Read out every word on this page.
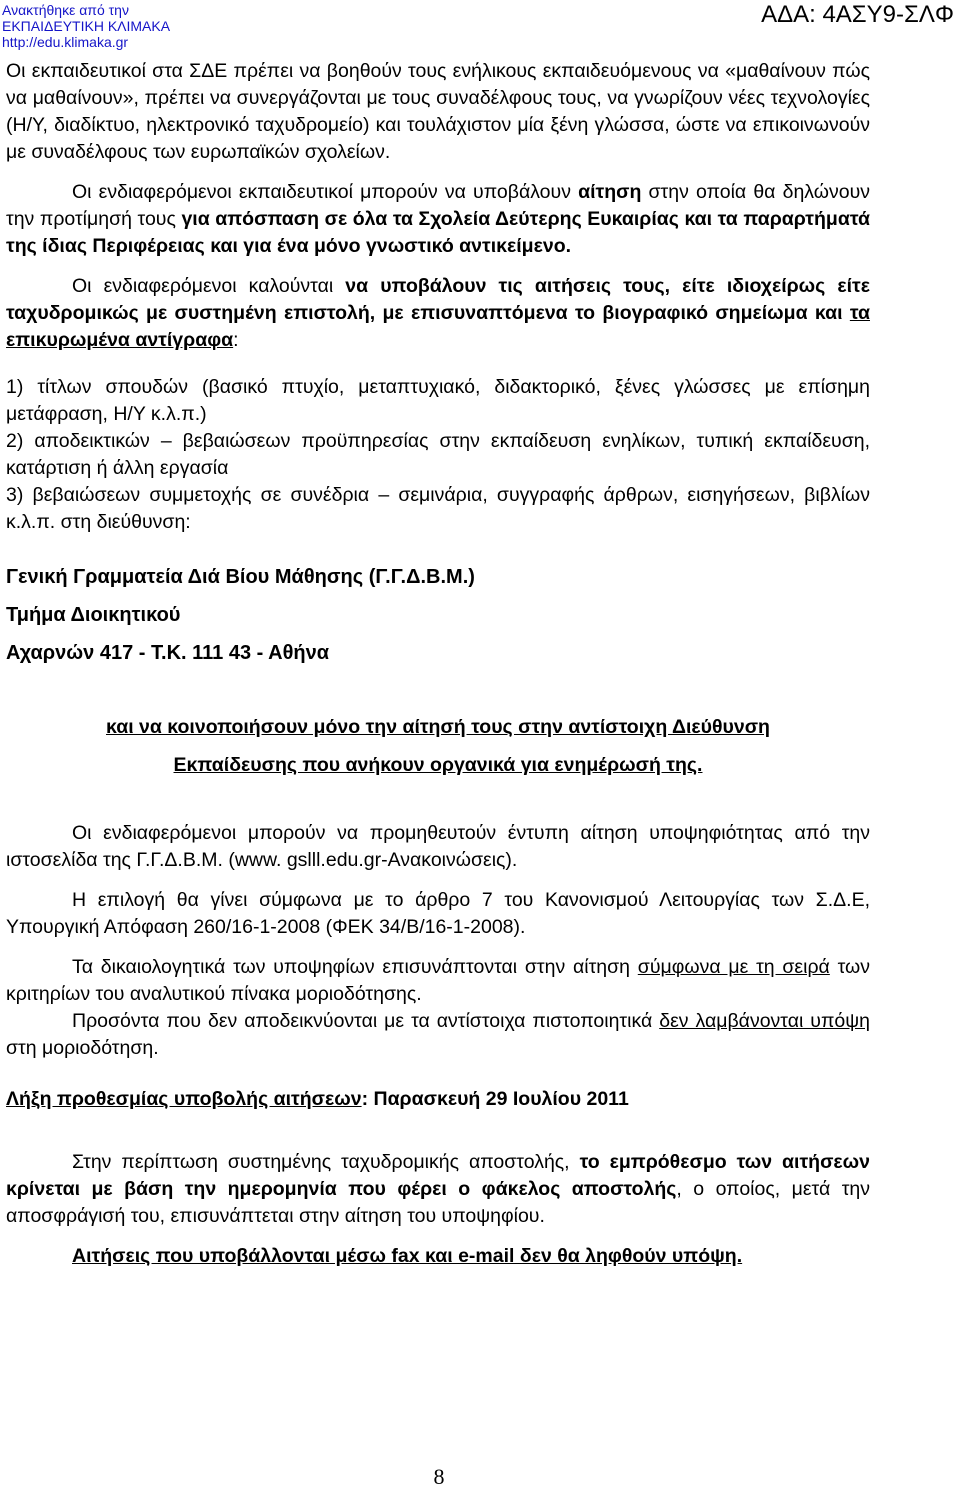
Ανακτήθηκε από την
ΕΚΠΑΙΔΕΥΤΙΚΗ ΚΛΙΜΑΚΑ
http://edu.klimaka.gr
ΑΔΑ: 4ΑΣΥ9-ΣΛΦ

Οι εκπαιδευτικοί στα ΣΔΕ πρέπει να βοηθούν τους ενήλικους εκπαιδευόμενους να «μαθαίνουν πώς να μαθαίνουν», πρέπει να συνεργάζονται με τους συναδέλφους τους, να γνωρίζουν νέες τεχνολογίες (Η/Υ, διαδίκτυο, ηλεκτρονικό ταχυδρομείο) και τουλάχιστον μία ξένη γλώσσα, ώστε να επικοινωνούν με συναδέλφους των ευρωπαϊκών σχολείων.

Οι ενδιαφερόμενοι εκπαιδευτικοί μπορούν να υποβάλουν αίτηση στην οποία θα δηλώνουν την προτίμησή τους για απόσπαση σε όλα τα Σχολεία Δεύτερης Ευκαιρίας και τα παραρτήματά της ίδιας Περιφέρειας και για ένα μόνο γνωστικό αντικείμενο.

Οι ενδιαφερόμενοι καλούνται να υποβάλουν τις αιτήσεις τους, είτε ιδιοχείρως είτε ταχυδρομικώς με συστημένη επιστολή, με επισυναπτόμενα το βιογραφικό σημείωμα και τα επικυρωμένα αντίγραφα:

1) τίτλων σπουδών (βασικό πτυχίο, μεταπτυχιακό, διδακτορικό, ξένες γλώσσες με επίσημη μετάφραση, Η/Υ κ.λ.π.)

2) αποδεικτικών – βεβαιώσεων προϋπηρεσίας στην εκπαίδευση ενηλίκων, τυπική εκπαίδευση, κατάρτιση ή άλλη εργασία

3) βεβαιώσεων συμμετοχής σε συνέδρια – σεμινάρια, συγγραφής άρθρων, εισηγήσεων, βιβλίων κ.λ.π. στη διεύθυνση:

Γενική Γραμματεία Διά Βίου Μάθησης (Γ.Γ.Δ.Β.Μ.)

Τμήμα Διοικητικού

Αχαρνών 417 - Τ.Κ. 111 43 - Αθήνα

και να κοινοποιήσουν μόνο την αίτησή τους στην αντίστοιχη Διεύθυνση

Εκπαίδευσης που ανήκουν οργανικά για ενημέρωσή της.

Οι ενδιαφερόμενοι μπορούν να προμηθευτούν έντυπη αίτηση υποψηφιότητας από την ιστοσελίδα της Γ.Γ.Δ.Β.Μ. (www. gslll.edu.gr-Ανακοινώσεις).

Η επιλογή θα γίνει σύμφωνα με το άρθρο 7 του Κανονισμού Λειτουργίας των Σ.Δ.Ε, Υπουργική Απόφαση 260/16-1-2008 (ΦΕΚ 34/Β/16-1-2008).

Τα δικαιολογητικά των υποψηφίων επισυνάπτονται στην αίτηση σύμφωνα με τη σειρά των κριτηρίων του αναλυτικού πίνακα μοριοδότησης.

Προσόντα που δεν αποδεικνύονται με τα αντίστοιχα πιστοποιητικά δεν λαμβάνονται υπόψη στη μοριοδότηση.

Λήξη προθεσμίας υποβολής αιτήσεων: Παρασκευή 29 Ιουλίου 2011

Στην περίπτωση συστημένης ταχυδρομικής αποστολής, το εμπρόθεσμο των αιτήσεων κρίνεται με βάση την ημερομηνία που φέρει ο φάκελος αποστολής, ο οποίος, μετά την αποσφράγισή του, επισυνάπτεται στην αίτηση του υποψηφίου.

Αιτήσεις που υποβάλλονται μέσω fax και e-mail δεν θα ληφθούν υπόψη.

8
